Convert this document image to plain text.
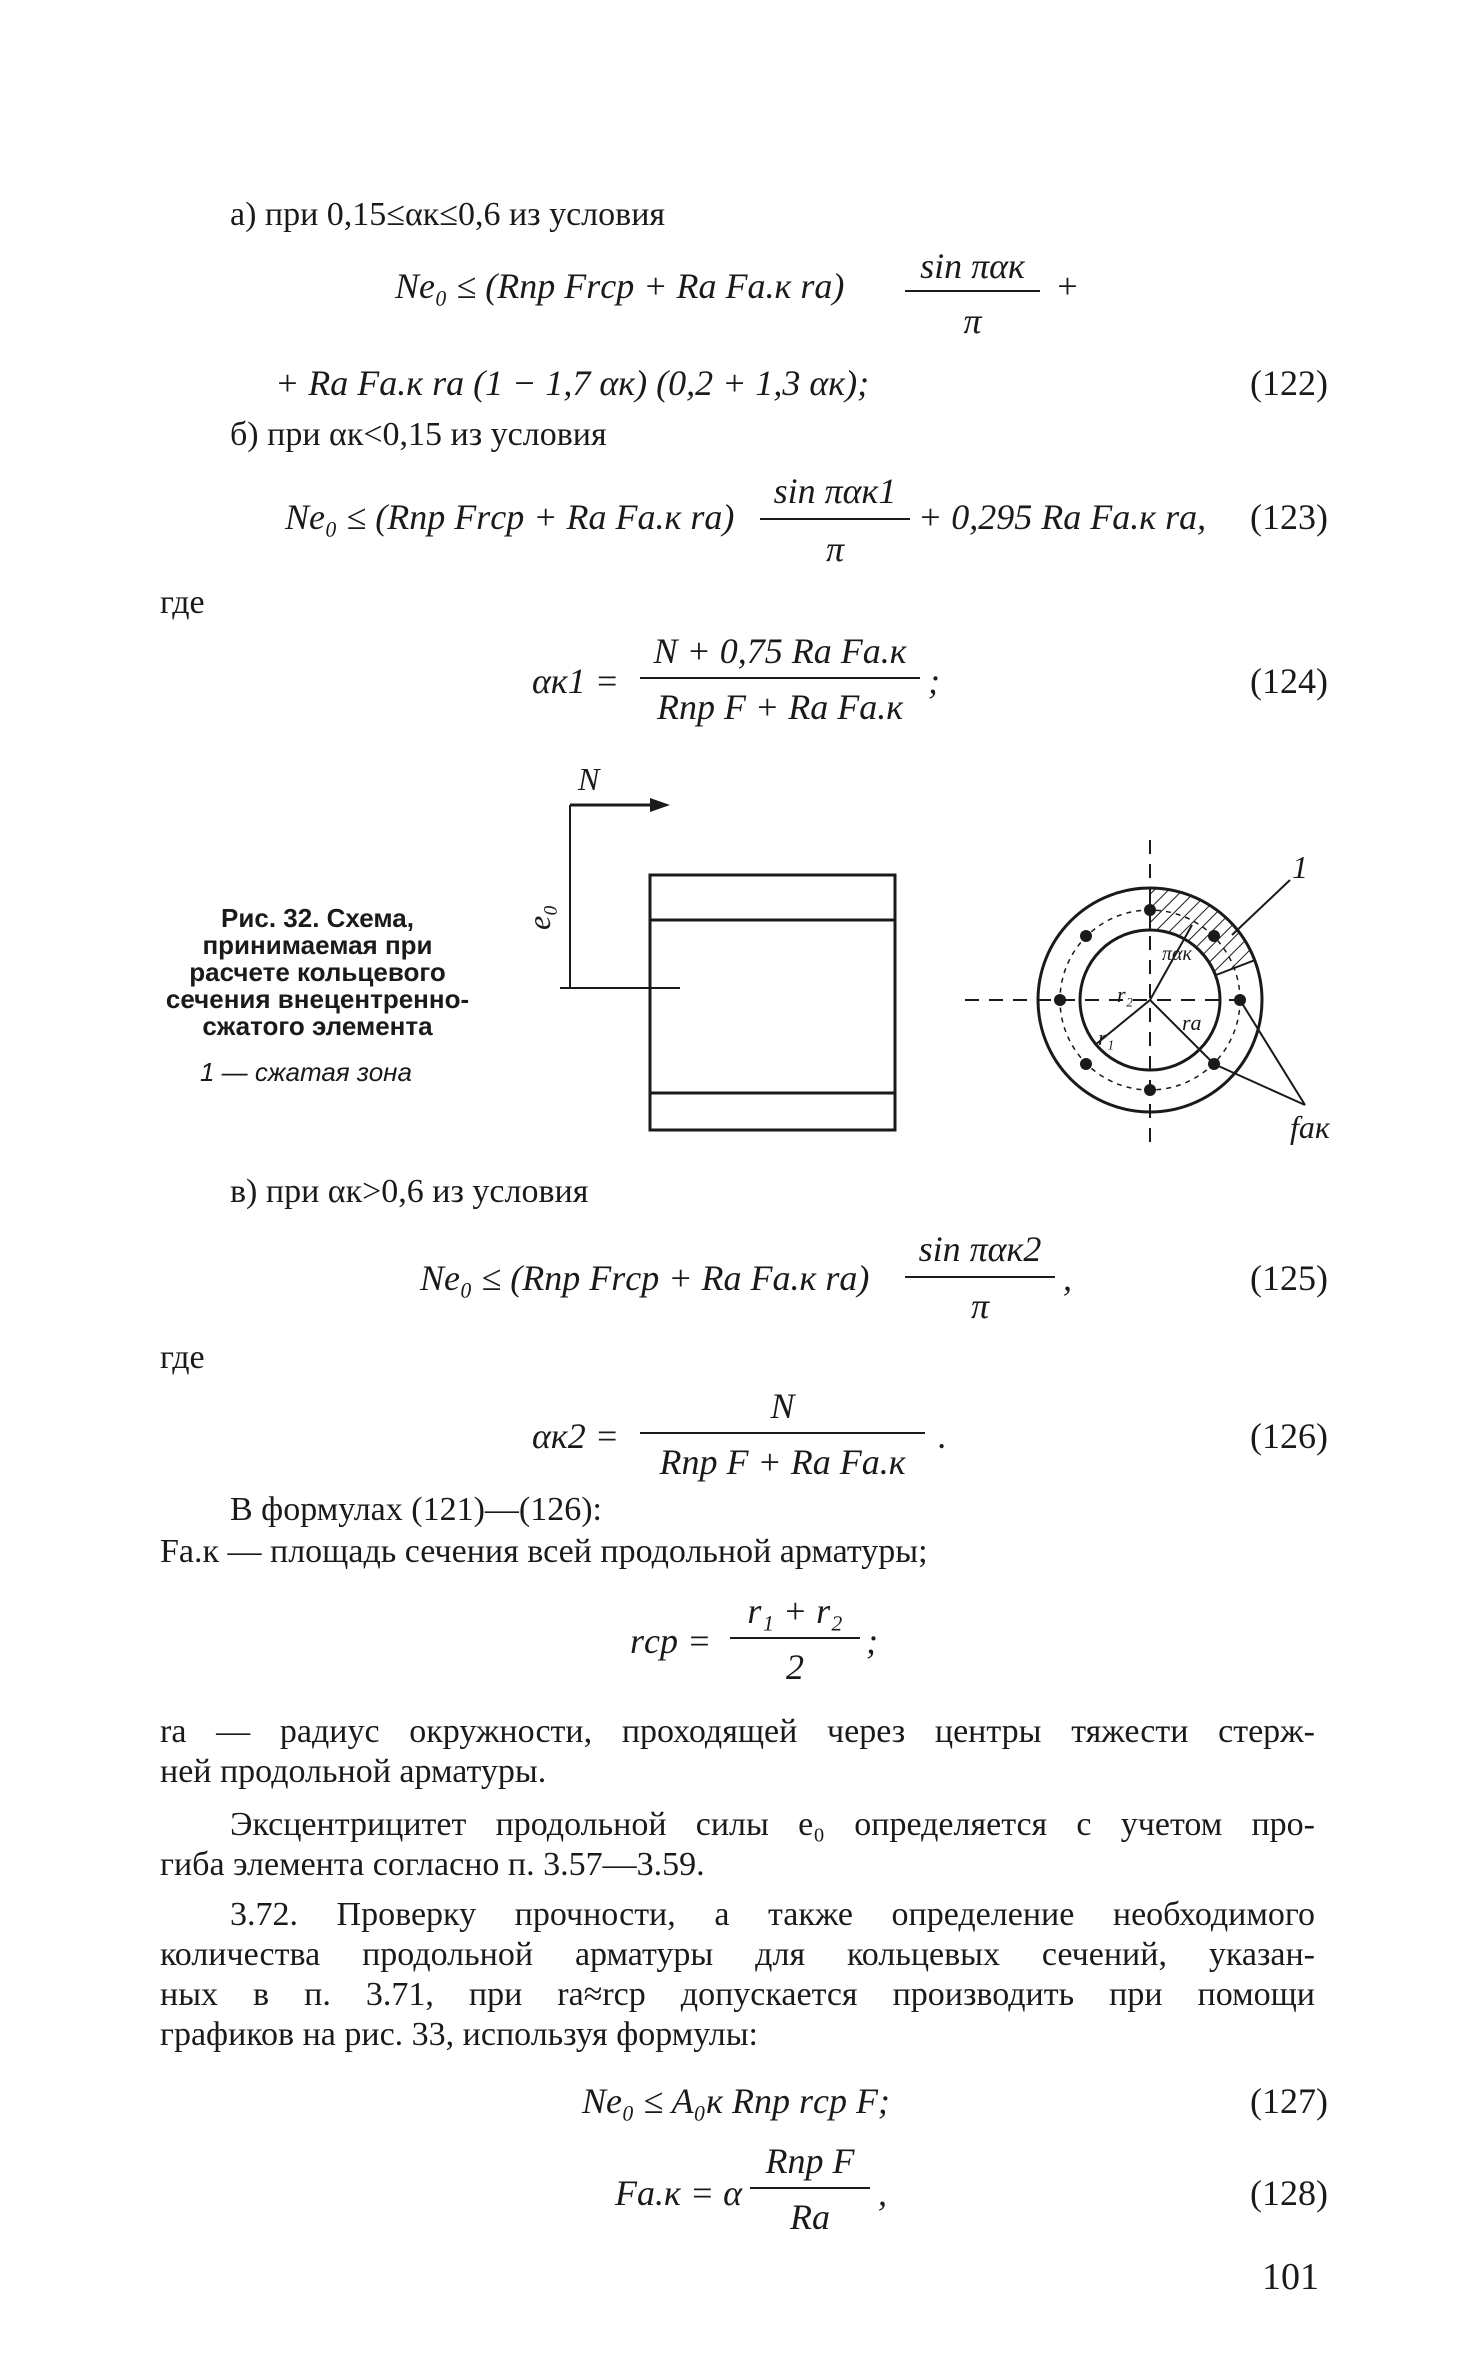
а) при 0,15≤αк≤0,6 из условия
Ne₀ ≤ (Rпр Frср + Rа Fа.к rа)	sin παк
π
+
+ Rа Fа.к rа (1 − 1,7 αк) (0,2 + 1,3 αк);	(122)
б) при αк<0,15 из условия
Ne₀ ≤ (Rпр Frср + Rа Fа.к rа)
sin παк1
π
+ 0,295 Rа Fа.к rа, (123)
где
αк1 =
N + 0,75 Rа Fа.к
Rпр F + Rа Fа.к
;	(124)
Рис. 32. Схема, принимаемая при расчете кольцевого сечения внецентренно-сжатого элемента
1 — сжатая зона
N
e₀
r₂
r₁
rа
παк
1
fак
в) при αк>0,6 из условия
Ne₀ ≤ (Rпр Frср + Rа Fа.к rа)
sin παк2
π
,	(125)
где
αк2 =
N
Rпр F + Rа Fа.к
.	(126)
В формулах (121)—(126):
Fа.к — площадь сечения всей продольной арматуры;
rср =
r₁ + r₂
2
;
rа — радиус окружности, проходящей через центры тяжести стерж-
ней продольной арматуры.
Эксцентрицитет продольной силы e₀ определяется с учетом про-
гиба элемента согласно п. 3.57—3.59.
3.72. Проверку прочности, а также определение необходимого
количества продольной арматуры для кольцевых сечений, указан-
ных в п. 3.71, при rа≈rср допускается производить при помощи
графиков на рис. 33, используя формулы:
Ne₀ ≤ A₀к Rпр rср F;	(127)
Fа.к = α
Rпр F
Rа
,	(128)
101
